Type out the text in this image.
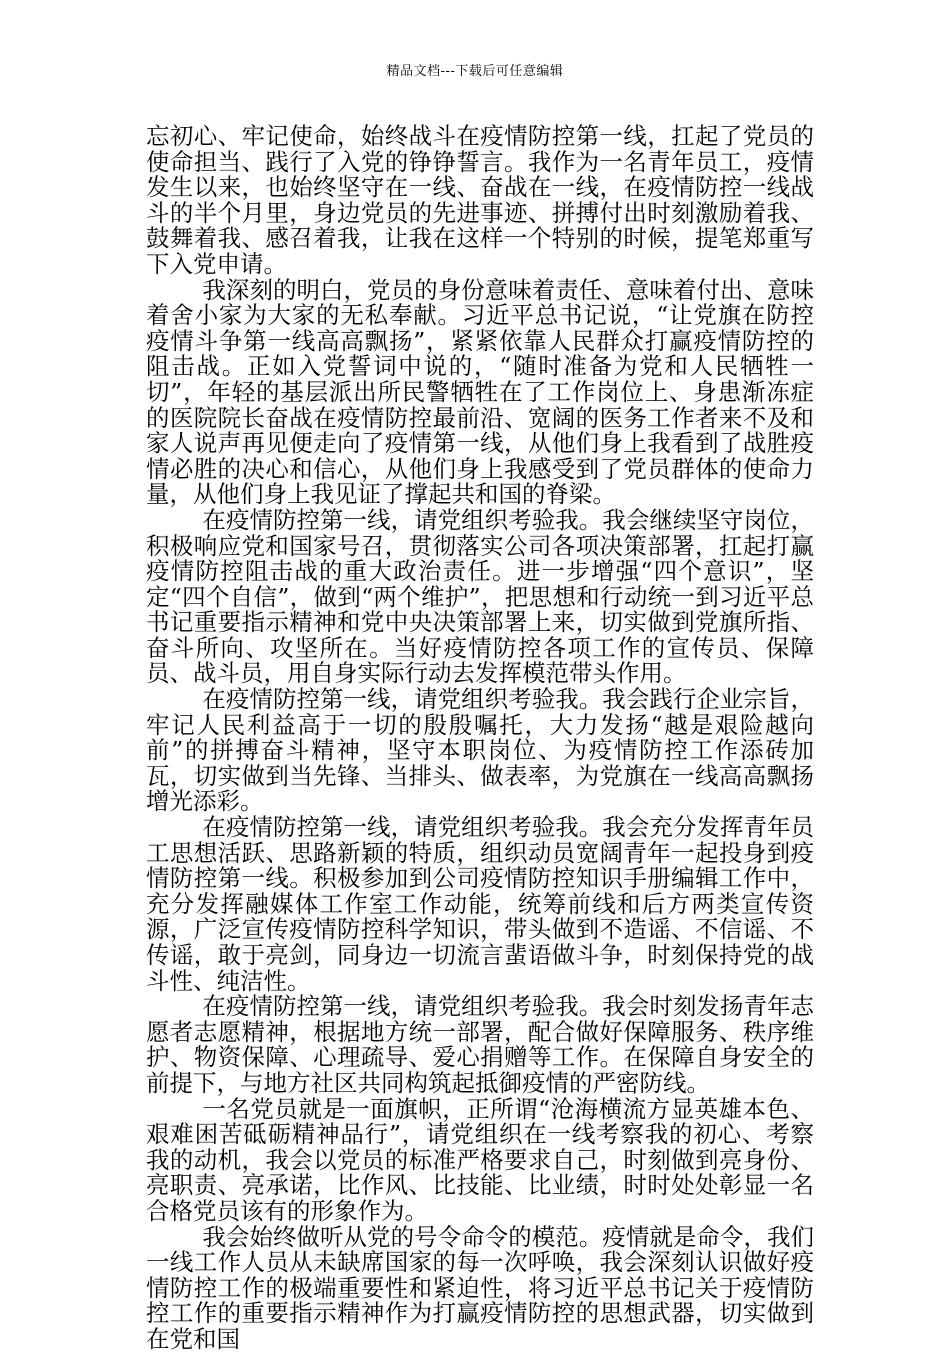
精品文档---下载后可任意编辑

忘初心、牢记使命，始终战斗在疫情防控第一线，扛起了党员的使命担当、践行了入党的铮铮誓言。我作为一名青年员工，疫情发生以来，也始终坚守在一线、奋战在一线，在疫情防控一线战斗的半个月里，身边党员的先进事迹、拼搏付出时刻激励着我、鼓舞着我、感召着我，让我在这样一个特别的时候，提笔郑重写下入党申请。

我深刻的明白，党员的身份意味着责任、意味着付出、意味着舍小家为大家的无私奉献。习近平总书记说，“让党旗在防控疫情斗争第一线高高飘扬”，紧紧依靠人民群众打赢疫情防控的阻击战。正如入党誓词中说的，“随时准备为党和人民牺牲一切”，年轻的基层派出所民警牺牲在了工作岗位上、身患渐冻症的医院院长奋战在疫情防控最前沿、宽阔的医务工作者来不及和家人说声再见便走向了疫情第一线，从他们身上我看到了战胜疫情必胜的决心和信心，从他们身上我感受到了党员群体的使命力量，从他们身上我见证了撑起共和国的脊梁。

在疫情防控第一线，请党组织考验我。我会继续坚守岗位，积极响应党和国家号召，贯彻落实公司各项决策部署，扛起打赢疫情防控阻击战的重大政治责任。进一步增强“四个意识”，坚定“四个自信”，做到“两个维护”，把思想和行动统一到习近平总书记重要指示精神和党中央决策部署上来，切实做到党旗所指、奋斗所向、攻坚所在。当好疫情防控各项工作的宣传员、保障员、战斗员，用自身实际行动去发挥模范带头作用。

在疫情防控第一线，请党组织考验我。我会践行企业宗旨，牢记人民利益高于一切的殷殷嘱托，大力发扬“越是艰险越向前”的拼搏奋斗精神，坚守本职岗位、为疫情防控工作添砖加瓦，切实做到当先锋、当排头、做表率，为党旗在一线高高飘扬增光添彩。

在疫情防控第一线，请党组织考验我。我会充分发挥青年员工思想活跃、思路新颖的特质，组织动员宽阔青年一起投身到疫情防控第一线。积极参加到公司疫情防控知识手册编辑工作中，充分发挥融媒体工作室工作动能，统筹前线和后方两类宣传资源，广泛宣传疫情防控科学知识，带头做到不造谣、不信谣、不传谣，敢于亮剑，同身边一切流言蜚语做斗争，时刻保持党的战斗性、纯洁性。

在疫情防控第一线，请党组织考验我。我会时刻发扬青年志愿者志愿精神，根据地方统一部署，配合做好保障服务、秩序维护、物资保障、心理疏导、爱心捐赠等工作。在保障自身安全的前提下，与地方社区共同构筑起抵御疫情的严密防线。

一名党员就是一面旗帜，正所谓“沧海横流方显英雄本色、艰难困苦砥砺精神品行”，请党组织在一线考察我的初心、考察我的动机，我会以党员的标准严格要求自己，时刻做到亮身份、亮职责、亮承诺，比作风、比技能、比业绩，时时处处彰显一名合格党员该有的形象作为。

我会始终做听从党的号令命令的模范。疫情就是命令，我们一线工作人员从未缺席国家的每一次呼唤，我会深刻认识做好疫情防控工作的极端重要性和紧迫性，将习近平总书记关于疫情防控工作的重要指示精神作为打赢疫情防控的思想武器，切实做到在党和国
